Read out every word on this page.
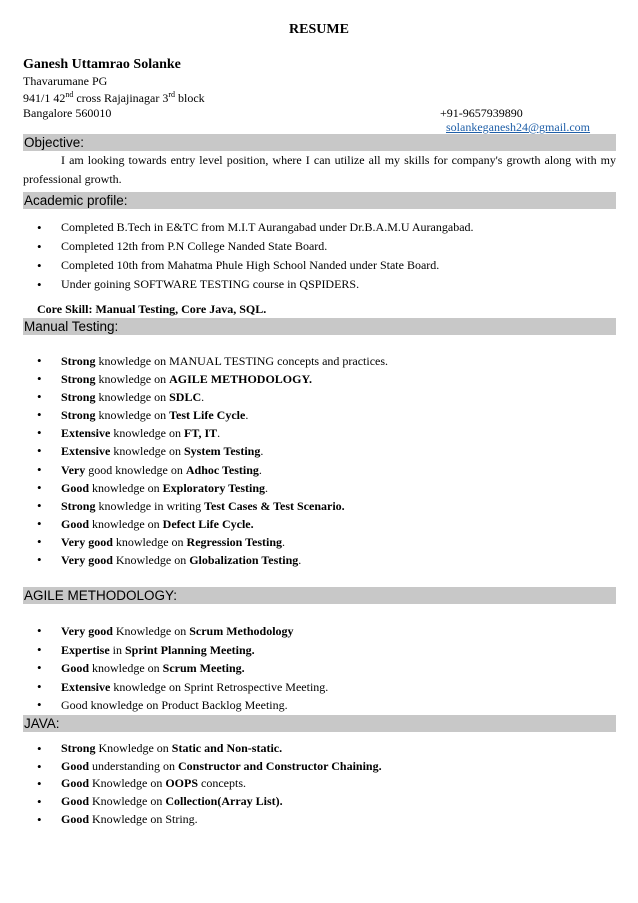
RESUME
Ganesh Uttamrao Solanke
Thavarumane PG
941/1 42nd cross Rajajinagar 3rd block
Bangalore 560010	+91-9657939890
solankeganesh24@gmail.com
Objective:
I am looking towards entry level position, where I can utilize all my skills for company's growth along with my professional growth.
Academic profile:
• Completed B.Tech in E&TC from M.I.T Aurangabad under Dr.B.A.M.U Aurangabad.
• Completed 12th from P.N College Nanded State Board.
• Completed 10th from Mahatma Phule High School Nanded under State Board.
• Under goining SOFTWARE TESTING course in QSPIDERS.
Core Skill: Manual Testing, Core Java, SQL.
Manual Testing:
• Strong knowledge on MANUAL TESTING concepts and practices.
• Strong knowledge on AGILE METHODOLOGY.
• Strong knowledge on SDLC.
• Strong knowledge on Test Life Cycle.
• Extensive knowledge on FT, IT.
• Extensive knowledge on System Testing.
• Very good knowledge on Adhoc Testing.
• Good knowledge on Exploratory Testing.
• Strong knowledge in writing Test Cases & Test Scenario.
• Good knowledge on Defect Life Cycle.
• Very good knowledge on Regression Testing.
• Very good Knowledge on Globalization Testing.
AGILE METHODOLOGY:
• Very good Knowledge on Scrum Methodology
• Expertise in Sprint Planning Meeting.
• Good knowledge on Scrum Meeting.
• Extensive knowledge on Sprint Retrospective Meeting.
• Good knowledge on Product Backlog Meeting.
JAVA:
• Strong Knowledge on Static and Non-static.
• Good understanding on Constructor and Constructor Chaining.
• Good Knowledge on OOPS concepts.
• Good Knowledge on Collection(Array List).
• Good Knowledge on String.
